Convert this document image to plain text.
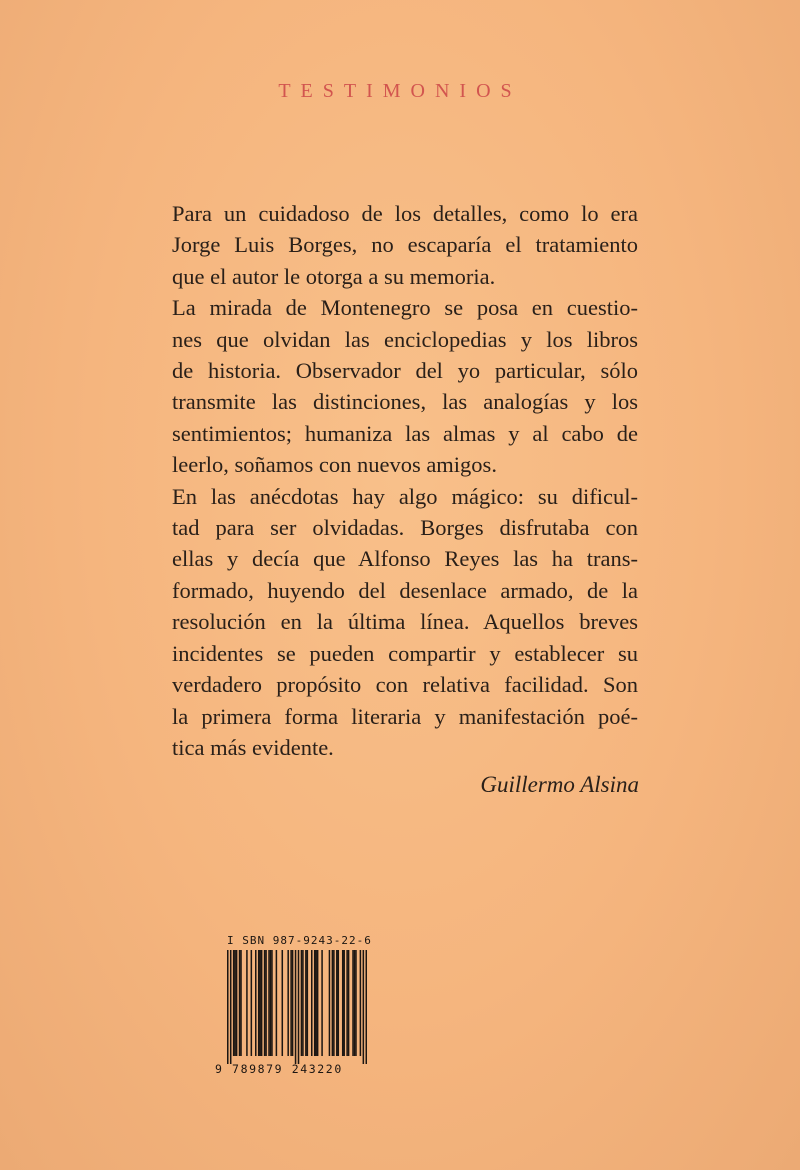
TESTIMONIOS
Para un cuidadoso de los detalles, como lo era
Jorge Luis Borges, no escaparía el tratamiento
que el autor le otorga a su memoria.
La mirada de Montenegro se posa en cuestio-
nes que olvidan las enciclopedias y los libros
de historia. Observador del yo particular, sólo
transmite las distinciones, las analogías y los
sentimientos; humaniza las almas y al cabo de
leerlo, soñamos con nuevos amigos.
En las anécdotas hay algo mágico: su dificul-
tad para ser olvidadas. Borges disfrutaba con
ellas y decía que Alfonso Reyes las ha trans-
formado, huyendo del desenlace armado, de la
resolución en la última línea. Aquellos breves
incidentes se pueden compartir y establecer su
verdadero propósito con relativa facilidad. Son
la primera forma literaria y manifestación poé-
tica más evidente.
Guillermo Alsina
I SBN 987-9243-22-6
9 789879 243220
